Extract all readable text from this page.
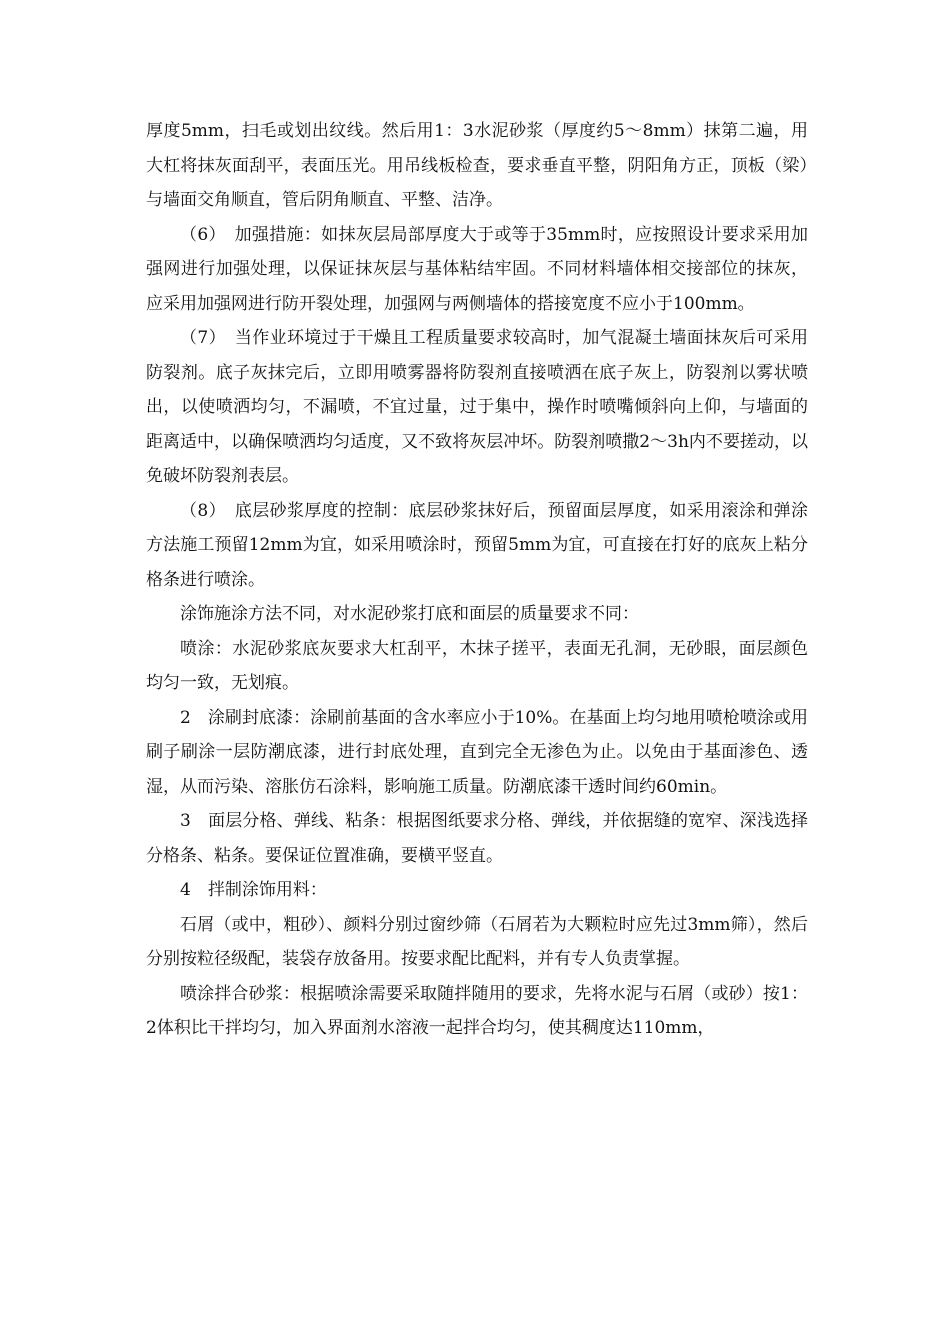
厚度5mm，扫毛或划出纹线。然后用1：3水泥砂浆（厚度约5～8mm）抹第二遍，用大杠将抹灰面刮平，表面压光。用吊线板检查，要求垂直平整，阴阳角方正，顶板（梁）与墙面交角顺直，管后阴角顺直、平整、洁净。

（6）　加强措施：如抹灰层局部厚度大于或等于35mm时，应按照设计要求采用加强网进行加强处理，以保证抹灰层与基体粘结牢固。不同材料墙体相交接部位的抹灰，应采用加强网进行防开裂处理，加强网与两侧墙体的搭接宽度不应小于100mm。

（7）　当作业环境过于干燥且工程质量要求较高时，加气混凝土墙面抹灰后可采用防裂剂。底子灰抹完后，立即用喷雾器将防裂剂直接喷洒在底子灰上，防裂剂以雾状喷出，以使喷洒均匀，不漏喷，不宜过量，过于集中，操作时喷嘴倾斜向上仰，与墙面的距离适中，以确保喷洒均匀适度，又不致将灰层冲坏。防裂剂喷撒2～3h内不要搓动，以免破坏防裂剂表层。

（8）　底层砂浆厚度的控制：底层砂浆抹好后，预留面层厚度，如采用滚涂和弹涂方法施工预留12mm为宜，如采用喷涂时，预留5mm为宜，可直接在打好的底灰上粘分格条进行喷涂。

涂饰施涂方法不同，对水泥砂浆打底和面层的质量要求不同：

喷涂：水泥砂浆底灰要求大杠刮平，木抹子搓平，表面无孔洞，无砂眼，面层颜色均匀一致，无划痕。

2　涂刷封底漆：涂刷前基面的含水率应小于10%。在基面上均匀地用喷枪喷涂或用刷子刷涂一层防潮底漆，进行封底处理，直到完全无渗色为止。以免由于基面渗色、透湿，从而污染、溶胀仿石涂料，影响施工质量。防潮底漆干透时间约60min。

3　面层分格、弹线、粘条：根据图纸要求分格、弹线，并依据缝的宽窄、深浅选择分格条、粘条。要保证位置准确，要横平竖直。

4　拌制涂饰用料：

石屑（或中，粗砂）、颜料分别过窗纱筛（石屑若为大颗粒时应先过3mm筛），然后分别按粒径级配，装袋存放备用。按要求配比配料，并有专人负责掌握。

喷涂拌合砂浆：根据喷涂需要采取随拌随用的要求，先将水泥与石屑（或砂）按1：2体积比干拌均匀，加入界面剂水溶液一起拌合均匀，使其稠度达110mm，
